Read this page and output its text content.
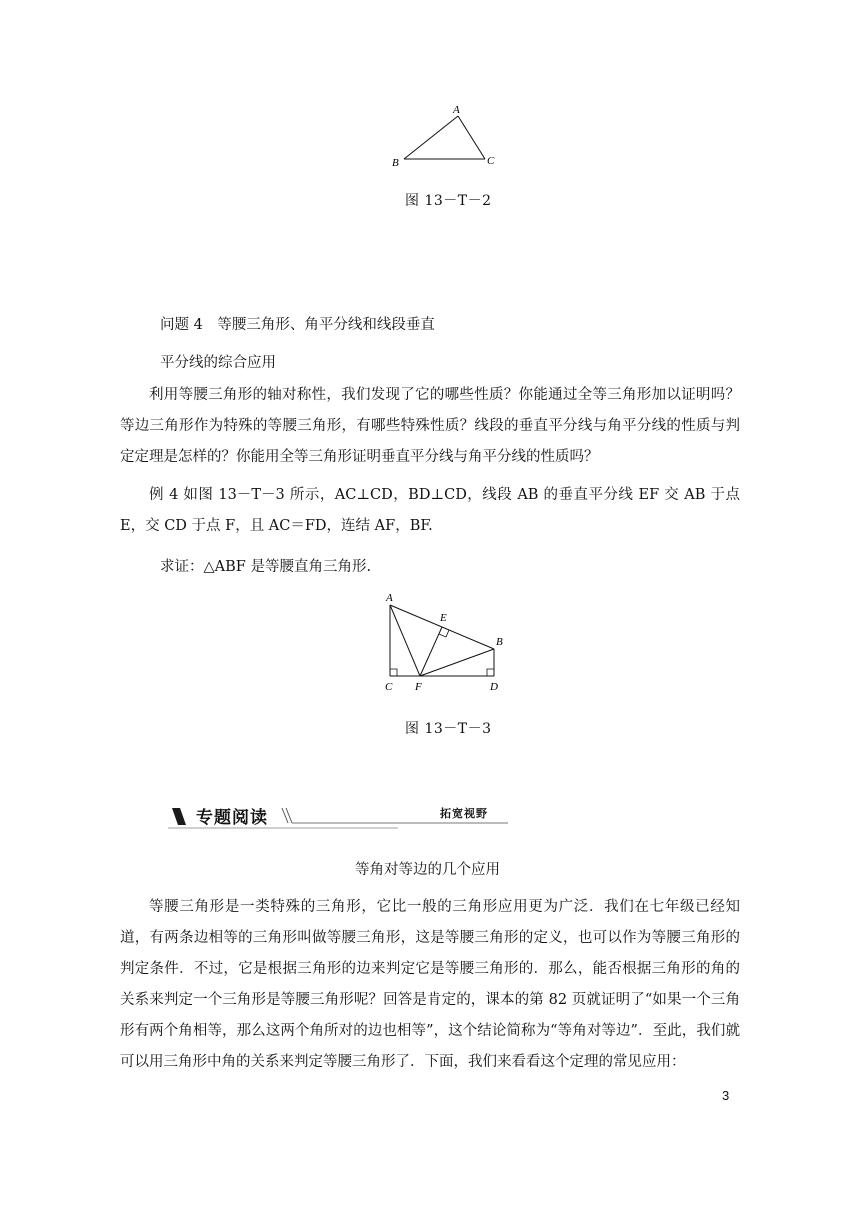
A
B	C
图 13－T－2
问题 4　等腰三角形、角平分线和线段垂直
平分线的综合应用
利用等腰三角形的轴对称性，我们发现了它的哪些性质？你能通过全等三角形加以证明吗？等边三角形作为特殊的等腰三角形，有哪些特殊性质？线段的垂直平分线与角平分线的性质与判定定理是怎样的？你能用全等三角形证明垂直平分线与角平分线的性质吗？
例 4 如图 13－T－3 所示，AC⊥CD，BD⊥CD，线段 AB 的垂直平分线 EF 交 AB 于点 E，交 CD 于点 F，且 AC＝FD，连结 AF，BF.
求证：△ABF 是等腰直角三角形.
A
B
C	D
E
F
图 13－T－3
专题阅读	拓宽视野
等角对等边的几个应用
等腰三角形是一类特殊的三角形，它比一般的三角形应用更为广泛．我们在七年级已经知道，有两条边相等的三角形叫做等腰三角形，这是等腰三角形的定义，也可以作为等腰三角形的判定条件．不过，它是根据三角形的边来判定它是等腰三角形的．那么，能否根据三角形的角的关系来判定一个三角形是等腰三角形呢？回答是肯定的，课本的第 82 页就证明了“如果一个三角形有两个角相等，那么这两个角所对的边也相等”，这个结论简称为“等角对等边”．至此，我们就可以用三角形中角的关系来判定等腰三角形了．下面，我们来看看这个定理的常见应用：
3
